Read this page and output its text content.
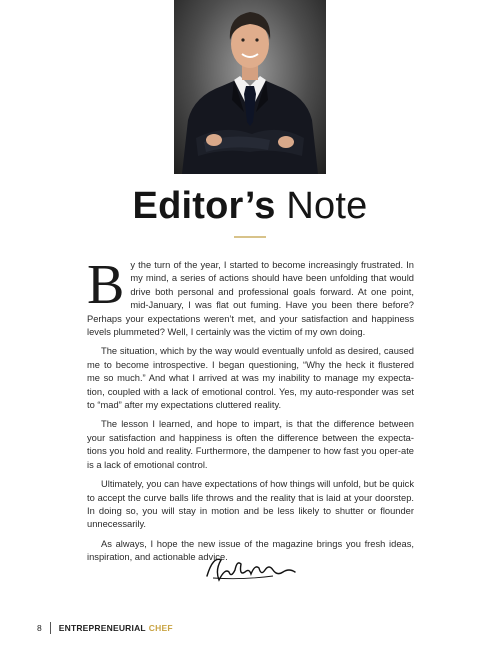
Editor’s Note

By the turn of the year, I started to become increasingly frustrated. In my mind, a series of actions should have been unfolding that would drive both personal and professional goals forward. At one point, mid-January, I was flat out fuming. Have you been there before? Perhaps your expectations weren’t met, and your satisfaction and happiness levels plummeted? Well, I certainly was the victim of my own doing.

The situation, which by the way would eventually unfold as desired, caused me to become introspective. I began questioning, “Why the heck it flustered me so much.” And what I arrived at was my inability to manage my expecta-tion, coupled with a lack of emotional control. Yes, my auto-responder was set to “mad” after my expectations cluttered reality.

The lesson I learned, and hope to impart, is that the difference between your satisfaction and happiness is often the difference between the expecta-tions you hold and reality. Furthermore, the dampener to how fast you oper-ate is a lack of emotional control.

Ultimately, you can have expectations of how things will unfold, but be quick to accept the curve balls life throws and the reality that is laid at your doorstep. In doing so, you will stay in motion and be less likely to shutter or flounder unnecessarily.

As always, I hope the new issue of the magazine brings you fresh ideas, inspiration, and actionable advice.

8 ENTREPRENEURIAL CHEF
